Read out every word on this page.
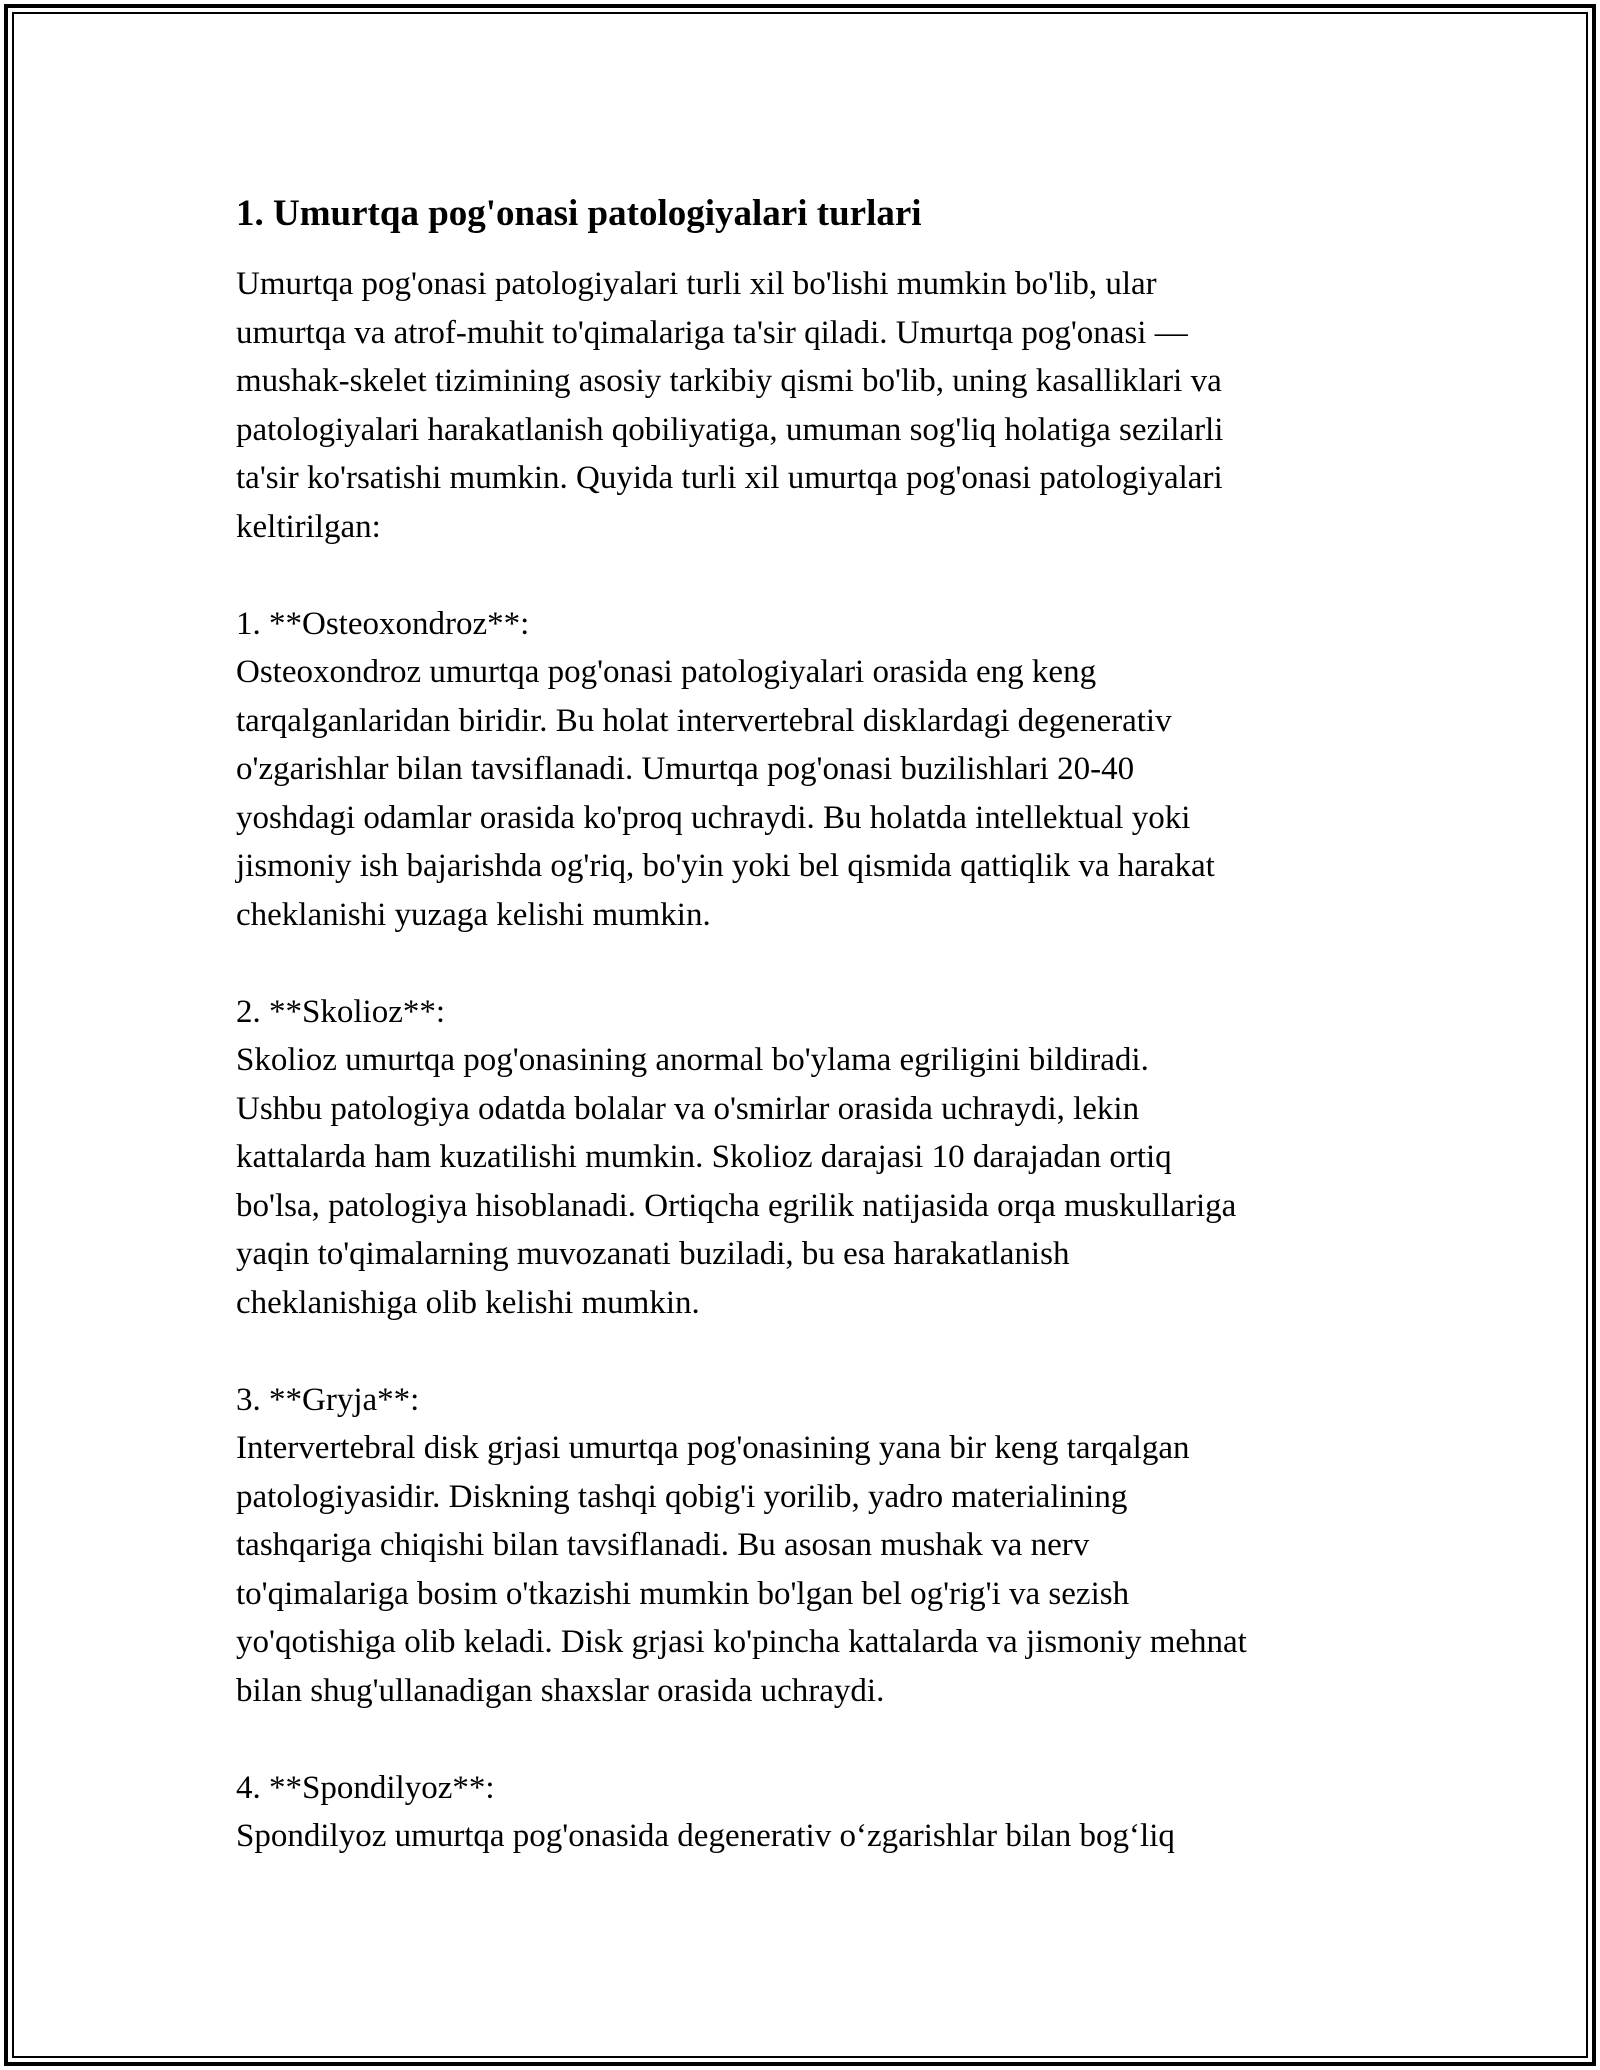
1. Umurtqa pog'onasi patologiyalari turlari

Umurtqa pog'onasi patologiyalari turli xil bo'lishi mumkin bo'lib, ular
umurtqa va atrof-muhit to'qimalariga ta'sir qiladi. Umurtqa pog'onasi —
mushak-skelet tizimining asosiy tarkibiy qismi bo'lib, uning kasalliklari va
patologiyalari harakatlanish qobiliyatiga, umuman sog'liq holatiga sezilarli
ta'sir ko'rsatishi mumkin. Quyida turli xil umurtqa pog'onasi patologiyalari
keltirilgan:

1. **Osteoxondroz**:

Osteoxondroz umurtqa pog'onasi patologiyalari orasida eng keng
tarqalganlaridan biridir. Bu holat intervertebral disklardagi degenerativ
o'zgarishlar bilan tavsiflanadi. Umurtqa pog'onasi buzilishlari 20-40
yoshdagi odamlar orasida ko'proq uchraydi. Bu holatda intellektual yoki
jismoniy ish bajarishda og'riq, bo'yin yoki bel qismida qattiqlik va harakat
cheklanishi yuzaga kelishi mumkin.

2. **Skolioz**:

Skolioz umurtqa pog'onasining anormal bo'ylama egriligini bildiradi.
Ushbu patologiya odatda bolalar va o'smirlar orasida uchraydi, lekin
kattalarda ham kuzatilishi mumkin. Skolioz darajasi 10 darajadan ortiq
bo'lsa, patologiya hisoblanadi. Ortiqcha egrilik natijasida orqa muskullariga
yaqin to'qimalarning muvozanati buziladi, bu esa harakatlanish
cheklanishiga olib kelishi mumkin.

3. **Gryja**:

Intervertebral disk grjasi umurtqa pog'onasining yana bir keng tarqalgan
patologiyasidir. Diskning tashqi qobig'i yorilib, yadro materialining
tashqariga chiqishi bilan tavsiflanadi. Bu asosan mushak va nerv
to'qimalariga bosim o'tkazishi mumkin bo'lgan bel og'rig'i va sezish
yo'qotishiga olib keladi. Disk grjasi ko'pincha kattalarda va jismoniy mehnat
bilan shug'ullanadigan shaxslar orasida uchraydi.

4. **Spondilyoz**:

Spondilyoz umurtqa pog'onasida degenerativ o‘zgarishlar bilan bog‘liq
